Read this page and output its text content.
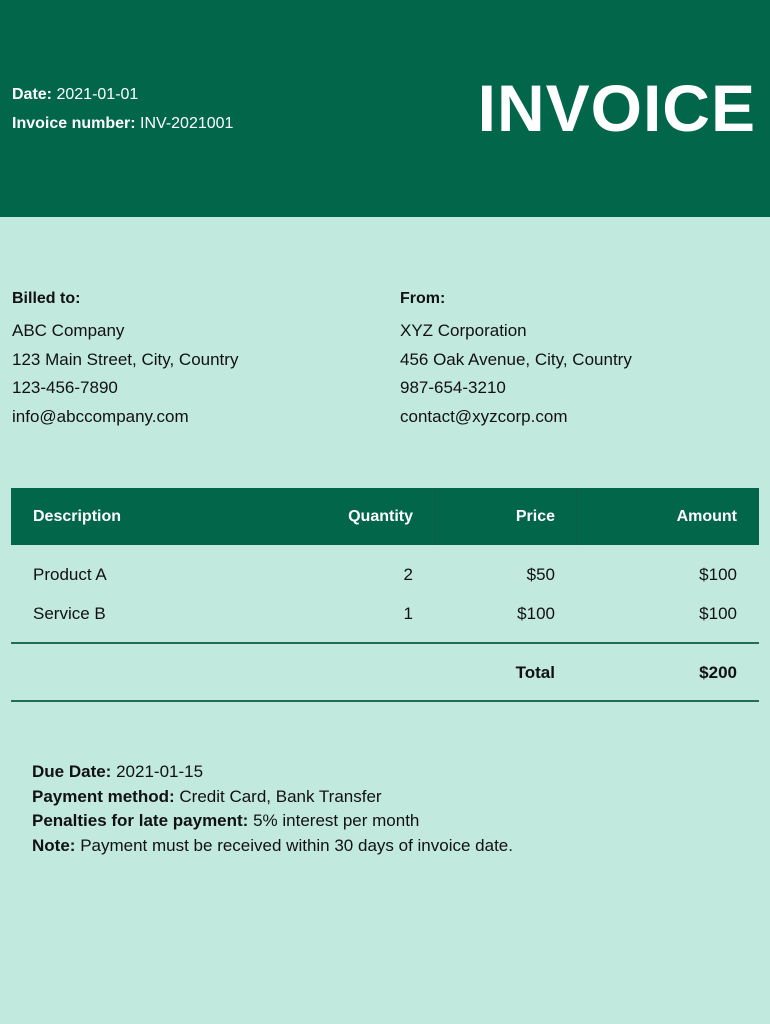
Date: 2021-01-01
Invoice number: INV-2021001	INVOICE
Billed to:
ABC Company
123 Main Street, City, Country
123-456-7890
info@abccompany.com
From:
XYZ Corporation
456 Oak Avenue, City, Country
987-654-3210
contact@xyzcorp.com
Description	Quantity	Price	Amount
Product A	2	$50	$100
Service B	1	$100	$100
Total	$200
Due Date: 2021-01-15
Payment method: Credit Card, Bank Transfer
Penalties for late payment: 5% interest per month
Note: Payment must be received within 30 days of invoice date.
